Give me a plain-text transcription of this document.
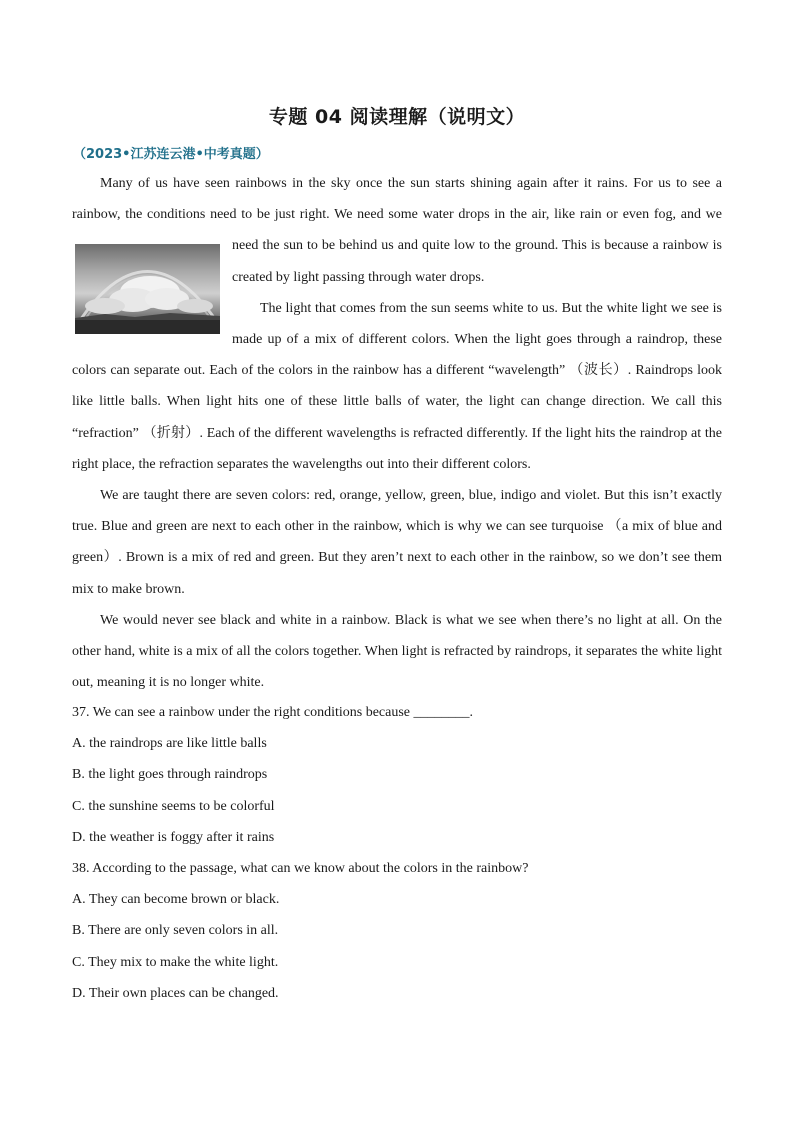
专题 04 阅读理解（说明文）
（2023•江苏连云港•中考真题）

Many of us have seen rainbows in the sky once the sun starts shining again after it rains. For us to see a rainbow, the conditions need to be just right. We need some water drops in the air, like rain or even fog,
and we need the sun to be behind us and quite low to the ground. This is because a rainbow is created by light passing through water drops.

The light that comes from the sun seems white to us. But the white light we see is made up of a mix of different colors. When the light goes through a raindrop, these colors can separate out. Each of the colors in the rainbow has a different “wavelength” （波长）. Raindrops look like little balls. When light hits one of these little balls of water, the light can change direction. We call this “refraction” （折射）. Each of the different wavelengths is refracted differently. If the light hits the raindrop at the right place, the refraction separates the wavelengths out into their different colors.

We are taught there are seven colors: red, orange, yellow, green, blue, indigo and violet. But this isn’t exactly true. Blue and green are next to each other in the rainbow, which is why we can see turquoise （a mix of blue and green）. Brown is a mix of red and green. But they aren’t next to each other in the rainbow, so we don’t see them mix to make brown.

We would never see black and white in a rainbow. Black is what we see when there’s no light at all. On the other hand, white is a mix of all the colors together. When light is refracted by raindrops, it separates the white light out, meaning it is no longer white.

37. We can see a rainbow under the right conditions because ________.
A. the raindrops are like little balls
B. the light goes through raindrops
C. the sunshine seems to be colorful
D. the weather is foggy after it rains
38. According to the passage, what can we know about the colors in the rainbow?
A. They can become brown or black.
B. There are only seven colors in all.
C. They mix to make the white light.
D. Their own places can be changed.
